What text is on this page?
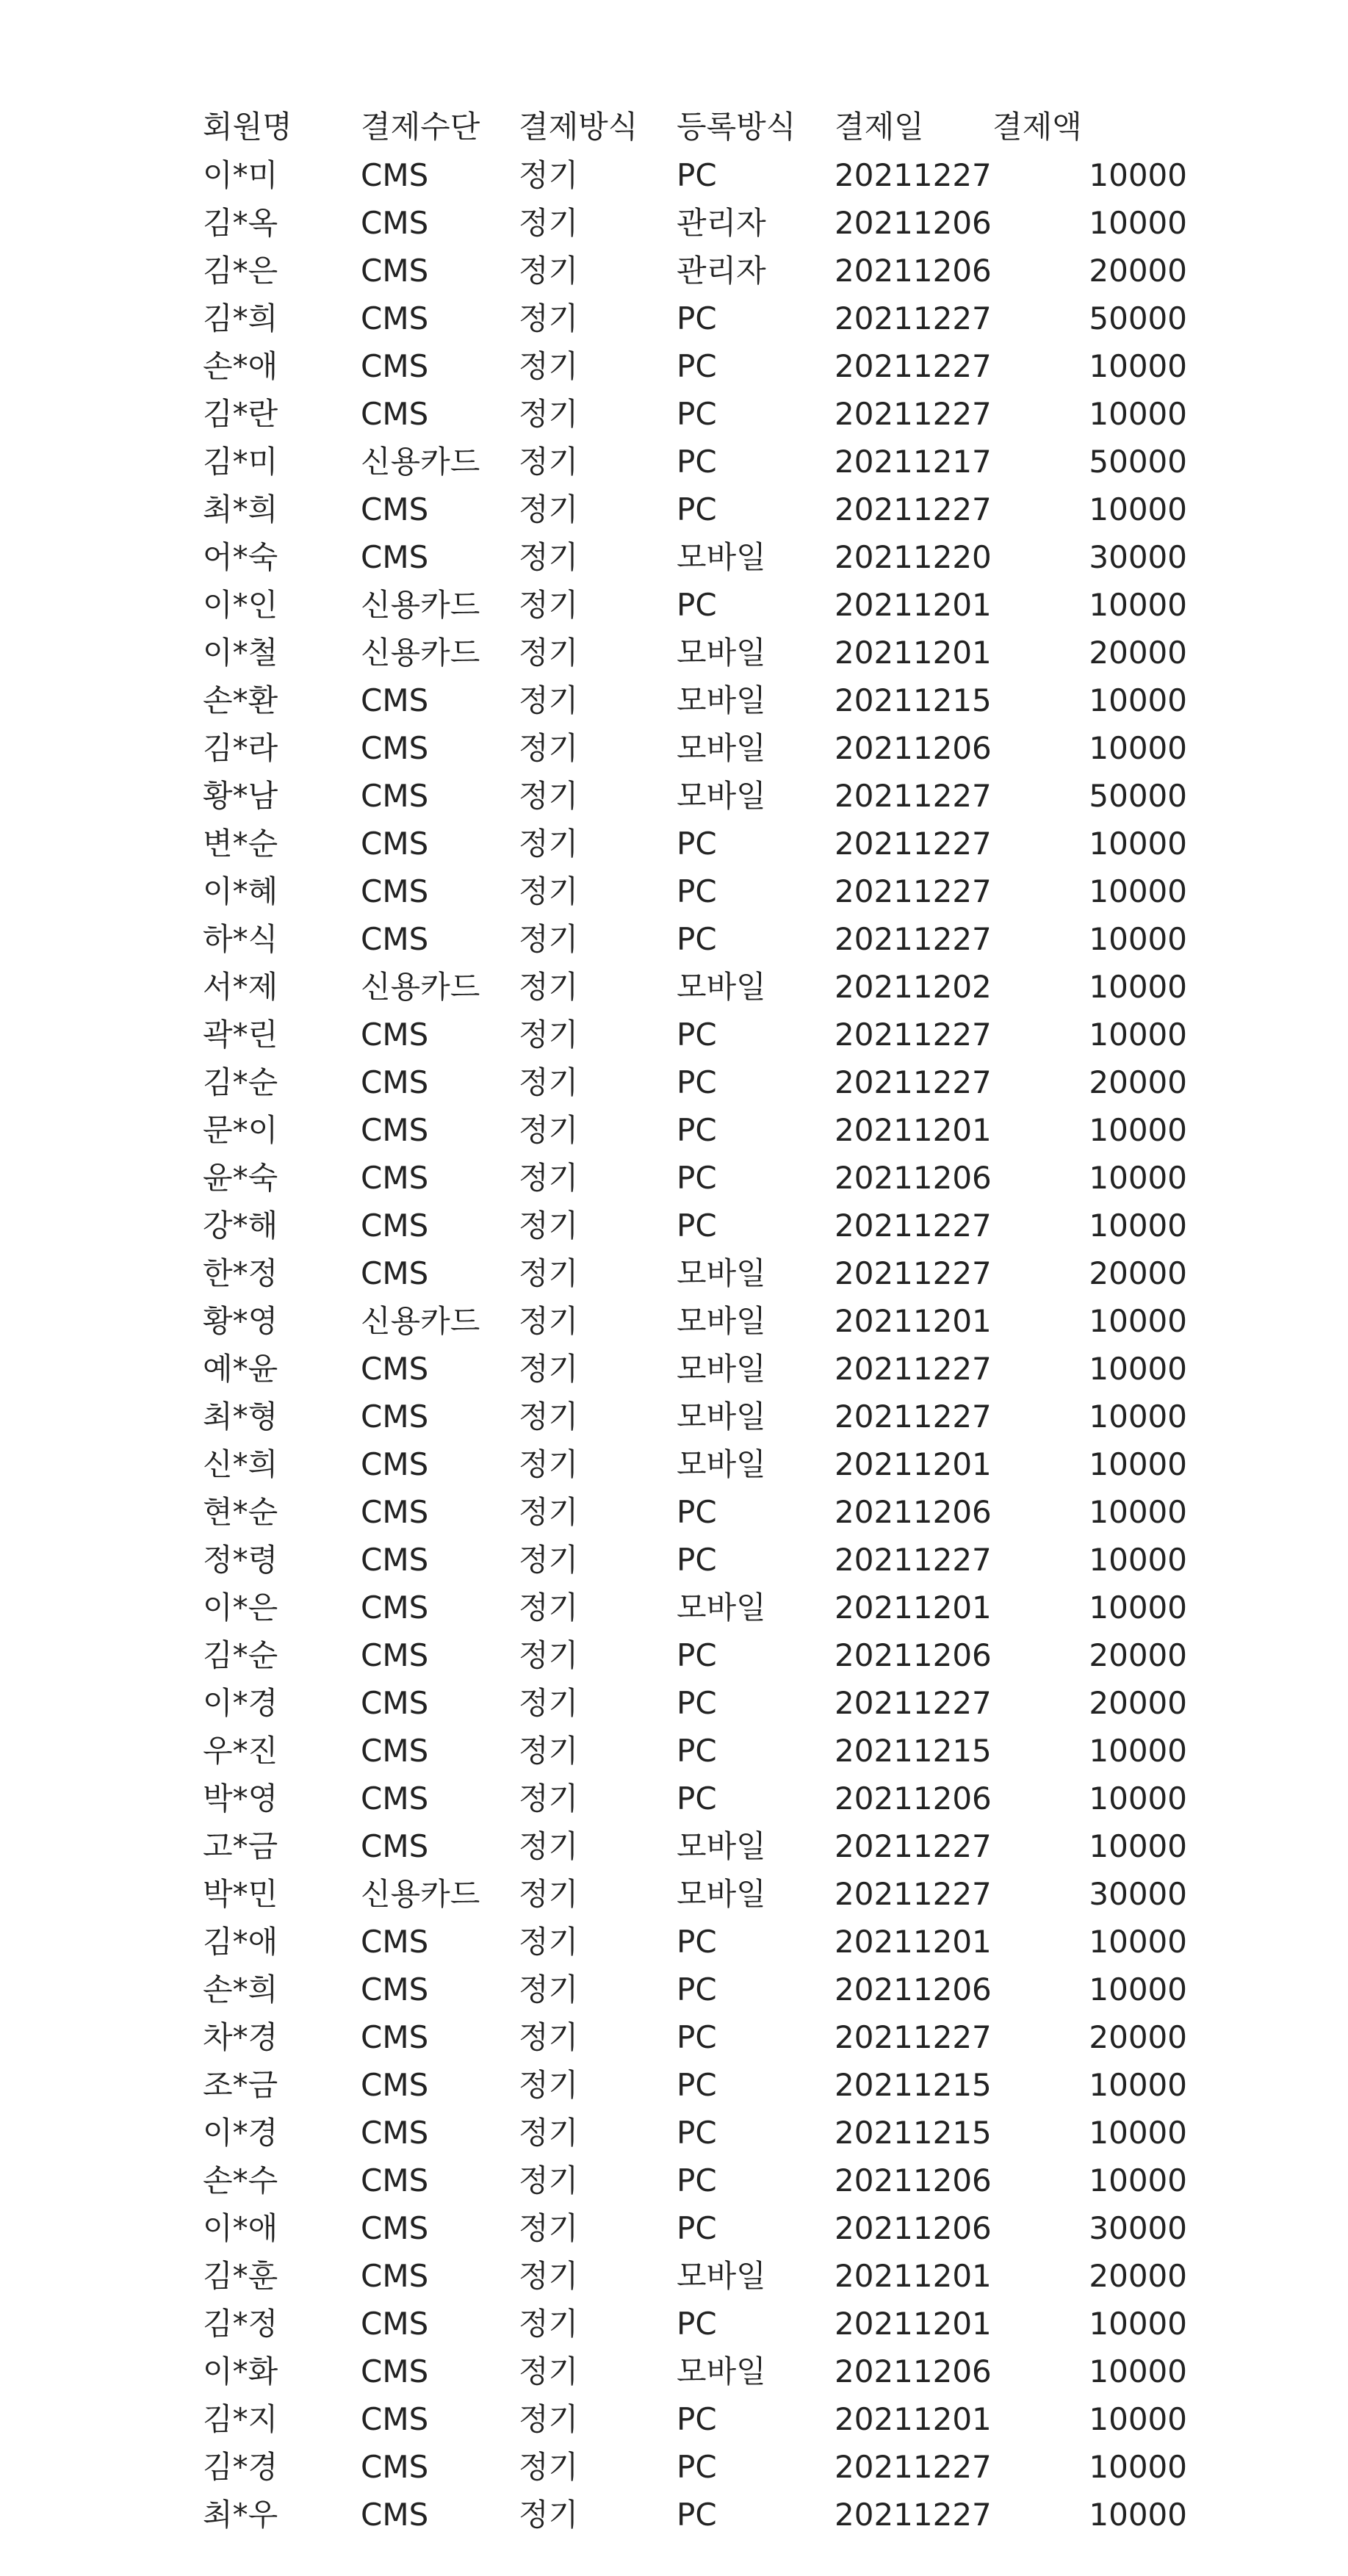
회원명	결제수단	결제방식	등록방식	결제일	결제액
이*미	CMS	정기	PC	20211227	10000
김*옥	CMS	정기	관리자	20211206	10000
김*은	CMS	정기	관리자	20211206	20000
김*희	CMS	정기	PC	20211227	50000
손*애	CMS	정기	PC	20211227	10000
김*란	CMS	정기	PC	20211227	10000
김*미	신용카드	정기	PC	20211217	50000
최*희	CMS	정기	PC	20211227	10000
어*숙	CMS	정기	모바일	20211220	30000
이*인	신용카드	정기	PC	20211201	10000
이*철	신용카드	정기	모바일	20211201	20000
손*환	CMS	정기	모바일	20211215	10000
김*라	CMS	정기	모바일	20211206	10000
황*남	CMS	정기	모바일	20211227	50000
변*순	CMS	정기	PC	20211227	10000
이*혜	CMS	정기	PC	20211227	10000
하*식	CMS	정기	PC	20211227	10000
서*제	신용카드	정기	모바일	20211202	10000
곽*린	CMS	정기	PC	20211227	10000
김*순	CMS	정기	PC	20211227	20000
문*이	CMS	정기	PC	20211201	10000
윤*숙	CMS	정기	PC	20211206	10000
강*해	CMS	정기	PC	20211227	10000
한*정	CMS	정기	모바일	20211227	20000
황*영	신용카드	정기	모바일	20211201	10000
예*윤	CMS	정기	모바일	20211227	10000
최*형	CMS	정기	모바일	20211227	10000
신*희	CMS	정기	모바일	20211201	10000
현*순	CMS	정기	PC	20211206	10000
정*령	CMS	정기	PC	20211227	10000
이*은	CMS	정기	모바일	20211201	10000
김*순	CMS	정기	PC	20211206	20000
이*경	CMS	정기	PC	20211227	20000
우*진	CMS	정기	PC	20211215	10000
박*영	CMS	정기	PC	20211206	10000
고*금	CMS	정기	모바일	20211227	10000
박*민	신용카드	정기	모바일	20211227	30000
김*애	CMS	정기	PC	20211201	10000
손*희	CMS	정기	PC	20211206	10000
차*경	CMS	정기	PC	20211227	20000
조*금	CMS	정기	PC	20211215	10000
이*경	CMS	정기	PC	20211215	10000
손*수	CMS	정기	PC	20211206	10000
이*애	CMS	정기	PC	20211206	30000
김*훈	CMS	정기	모바일	20211201	20000
김*정	CMS	정기	PC	20211201	10000
이*화	CMS	정기	모바일	20211206	10000
김*지	CMS	정기	PC	20211201	10000
김*경	CMS	정기	PC	20211227	10000
최*우	CMS	정기	PC	20211227	10000
